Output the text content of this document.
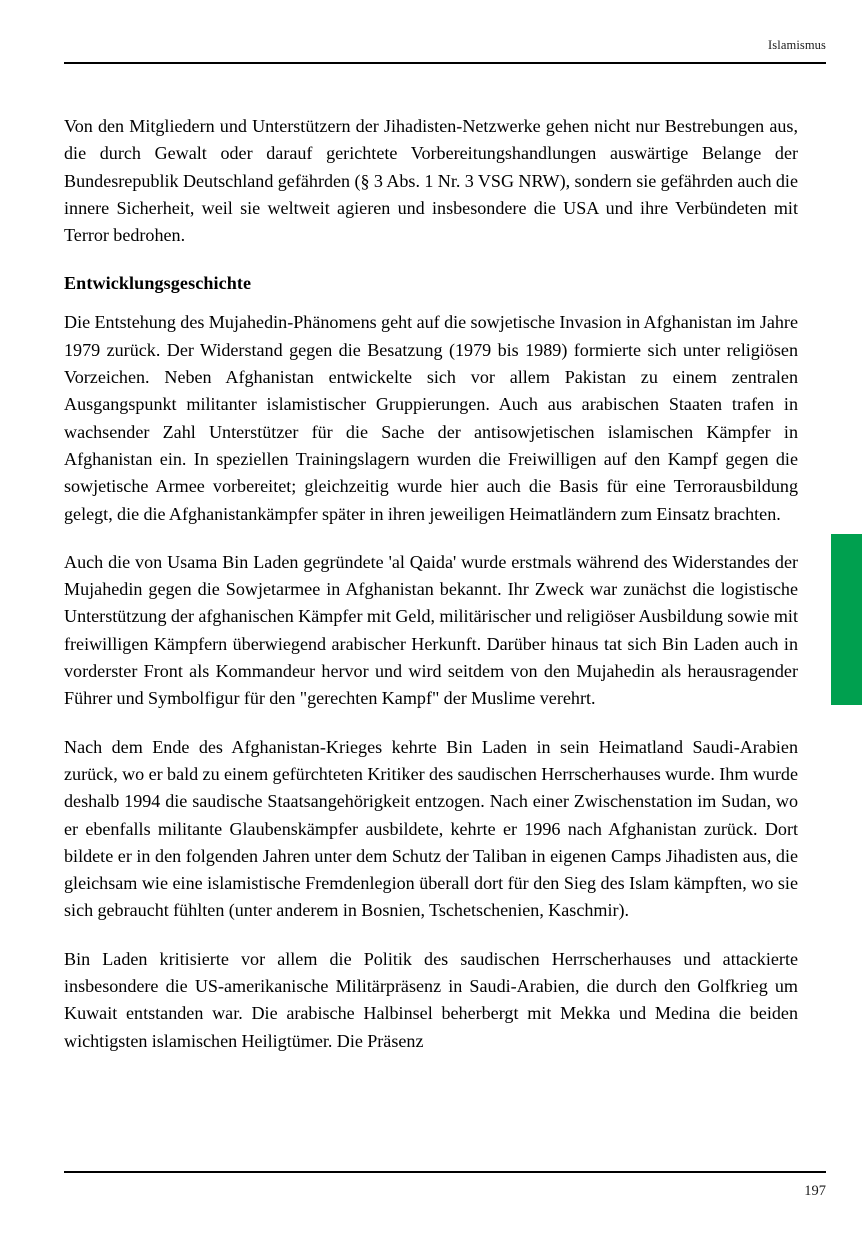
Islamismus

Von den Mitgliedern und Unterstützern der Jihadisten-Netzwerke gehen nicht nur Bestrebungen aus, die durch Gewalt oder darauf gerichtete Vorbereitungshandlungen auswärtige Belange der Bundesrepublik Deutschland gefährden (§ 3 Abs. 1 Nr. 3 VSG NRW), sondern sie gefährden auch die innere Sicherheit, weil sie weltweit agieren und insbesondere die USA und ihre Verbündeten mit Terror bedrohen.

Entwicklungsgeschichte

Die Entstehung des Mujahedin-Phänomens geht auf die sowjetische Invasion in Afghanistan im Jahre 1979 zurück. Der Widerstand gegen die Besatzung (1979 bis 1989) formierte sich unter religiösen Vorzeichen. Neben Afghanistan entwickelte sich vor allem Pakistan zu einem zentralen Ausgangspunkt militanter islamistischer Gruppierungen. Auch aus arabischen Staaten trafen in wachsender Zahl Unterstützer für die Sache der antisowjetischen islamischen Kämpfer in Afghanistan ein. In speziellen Trainingslagern wurden die Freiwilligen auf den Kampf gegen die sowjetische Armee vorbereitet; gleichzeitig wurde hier auch die Basis für eine Terrorausbildung gelegt, die die Afghanistankämpfer später in ihren jeweiligen Heimatländern zum Einsatz brachten.

Auch die von Usama Bin Laden gegründete 'al Qaida' wurde erstmals während des Widerstandes der Mujahedin gegen die Sowjetarmee in Afghanistan bekannt. Ihr Zweck war zunächst die logistische Unterstützung der afghanischen Kämpfer mit Geld, militärischer und religiöser Ausbildung sowie mit freiwilligen Kämpfern überwiegend arabischer Herkunft. Darüber hinaus tat sich Bin Laden auch in vorderster Front als Kommandeur hervor und wird seitdem von den Mujahedin als herausragender Führer und Symbolfigur für den "gerechten Kampf" der Muslime verehrt.

Nach dem Ende des Afghanistan-Krieges kehrte Bin Laden in sein Heimatland Saudi-Arabien zurück, wo er bald zu einem gefürchteten Kritiker des saudischen Herrscherhauses wurde. Ihm wurde deshalb 1994 die saudische Staatsangehörigkeit entzogen. Nach einer Zwischenstation im Sudan, wo er ebenfalls militante Glaubenskämpfer ausbildete, kehrte er 1996 nach Afghanistan zurück. Dort bildete er in den folgenden Jahren unter dem Schutz der Taliban in eigenen Camps Jihadisten aus, die gleichsam wie eine islamistische Fremdenlegion überall dort für den Sieg des Islam kämpften, wo sie sich gebraucht fühlten (unter anderem in Bosnien, Tschetschenien, Kaschmir).

Bin Laden kritisierte vor allem die Politik des saudischen Herrscherhauses und attackierte insbesondere die US-amerikanische Militärpräsenz in Saudi-Arabien, die durch den Golfkrieg um Kuwait entstanden war. Die arabische Halbinsel beherbergt mit Mekka und Medina die beiden wichtigsten islamischen Heiligtümer. Die Präsenz

197
